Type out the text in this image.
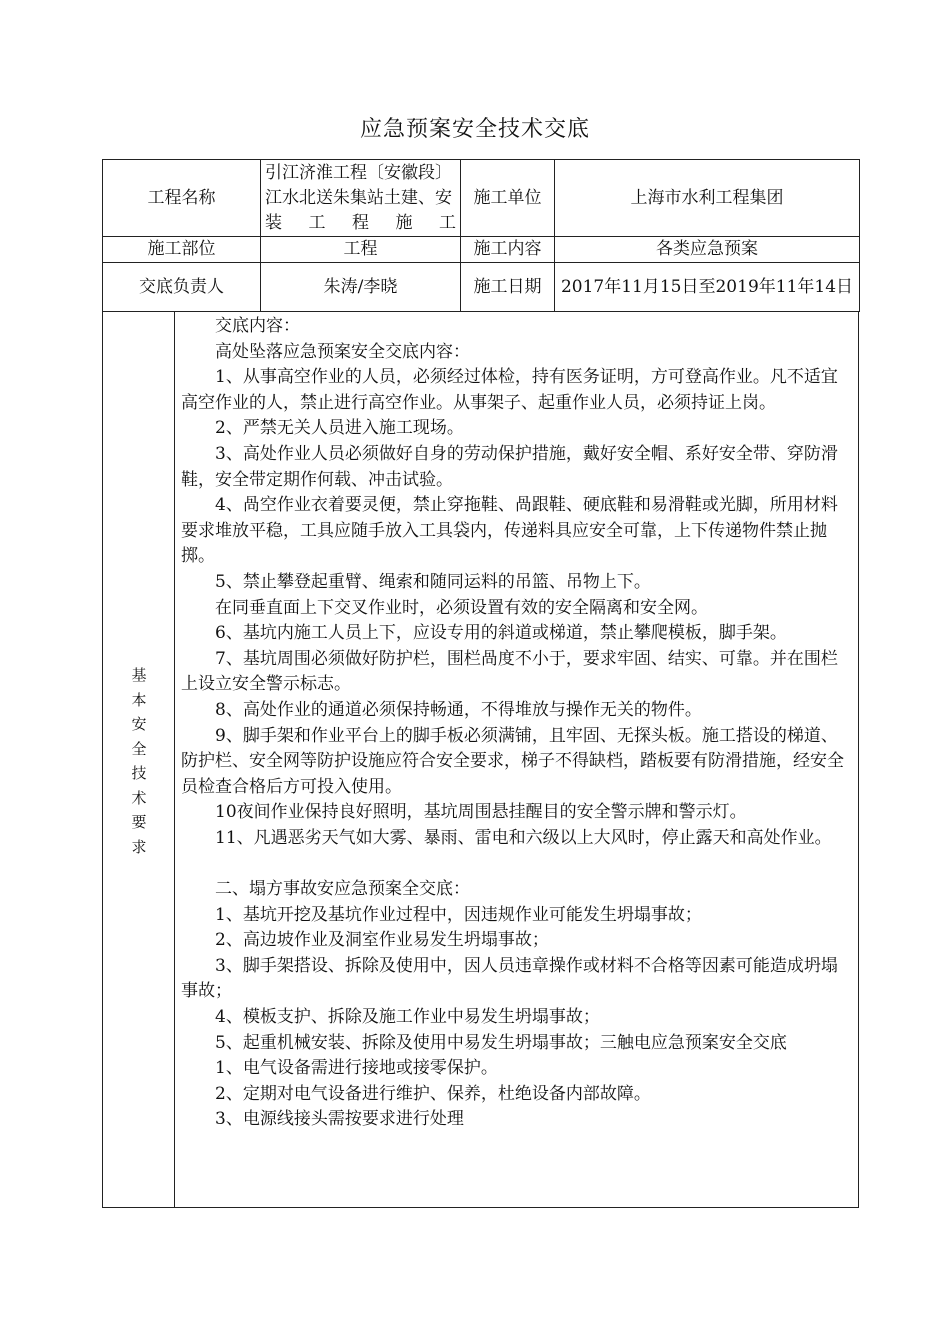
应急预案安全技术交底
工程名称	引江济淮工程〔安徽段〕江水北送朱集站土建、安装工程施工	施工单位	上海市水利工程集团
施工部位	工程	施工内容	各类应急预案
交底负责人	朱涛/李晓	施工日期	2017年11月15日至2019年11年14日
基
本
安
全
技
术
要
求

交底内容：

高处坠落应急预案安全交底内容：

1、从事高空作业的人员，必须经过体检，持有医务证明，方可登高作业。凡不适宜高空作业的人，禁止进行高空作业。从事架子、起重作业人员，必须持证上岗。

2、严禁无关人员进入施工现场。

3、高处作业人员必须做好自身的劳动保护措施，戴好安全帽、系好安全带、穿防滑鞋，安全带定期作何载、冲击试验。

4、咼空作业衣着要灵便，禁止穿拖鞋、咼跟鞋、硬底鞋和易滑鞋或光脚，所用材料要求堆放平稳，工具应随手放入工具袋内，传递料具应安全可靠，上下传递物件禁止抛掷。

5、禁止攀登起重臂、绳索和随同运料的吊篮、吊物上下。

在同垂直面上下交叉作业时，必须设置有效的安全隔离和安全网。

6、基坑内施工人员上下，应设专用的斜道或梯道，禁止攀爬模板，脚手架。

7、基坑周围必须做好防护栏，围栏咼度不小于，要求牢固、结实、可靠。并在围栏上设立安全警示标志。

8、高处作业的通道必须保持畅通，不得堆放与操作无关的物件。

9、脚手架和作业平台上的脚手板必须满铺，且牢固、无探头板。施工搭设的梯道、防护栏、安全网等防护设施应符合安全要求，梯子不得缺档，踏板要有防滑措施，经安全员检查合格后方可投入使用。

10夜间作业保持良好照明，基坑周围悬挂醒目的安全警示牌和警示灯。

11、凡遇恶劣天气如大雾、暴雨、雷电和六级以上大风时，停止露天和高处作业。

二、塌方事故安应急预案全交底：

1、基坑开挖及基坑作业过程中，因违规作业可能发生坍塌事故；

2、高边坡作业及洞室作业易发生坍塌事故；

3、脚手架搭设、拆除及使用中，因人员违章操作或材料不合格等因素可能造成坍塌事故；

4、模板支护、拆除及施工作业中易发生坍塌事故；

5、起重机械安装、拆除及使用中易发生坍塌事故；三触电应急预案安全交底

1、电气设备需进行接地或接零保护。

2、定期对电气设备进行维护、保养，杜绝设备内部故障。

3、电源线接头需按要求进行处理
